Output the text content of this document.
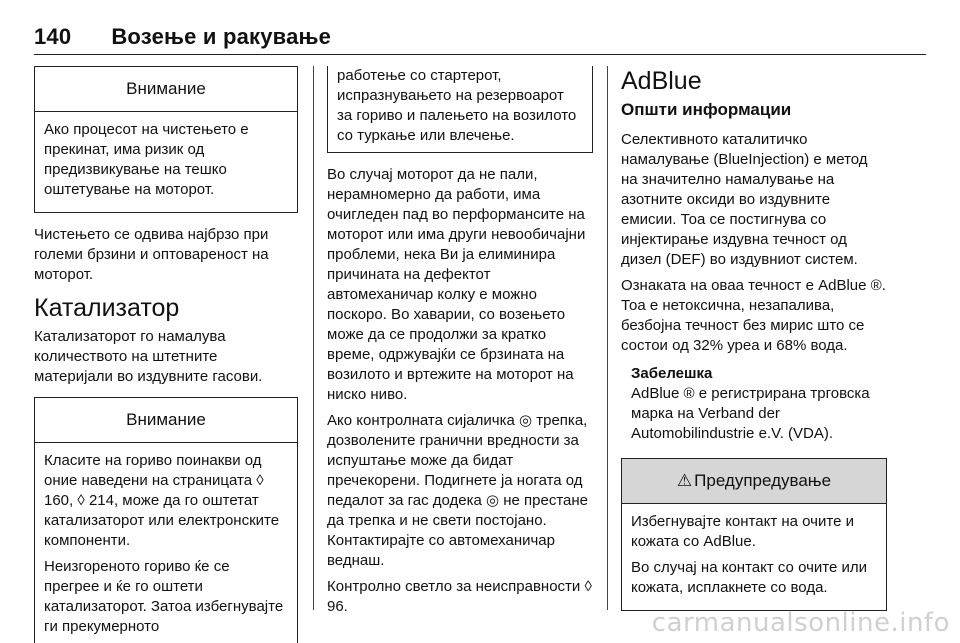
140 Возење и ракување
Внимание

Ако процесот на чистењето е прекинат, има ризик од предизвикување на тешко оштетување на моторот.

Чистењето се одвива најбрзо при големи брзини и оптовареност на моторот.

Катализатор

Катализаторот го намалува количеството на штетните материјали во издувните гасови.

Внимание

Класите на гориво поинакви од оние наведени на страницата ◊ 160, ◊ 214, може да го оштетат катализаторот или електронските компоненти.

Неизгореното гориво ќе се прегрее и ќе го оштети катализаторот. Затоа избегнувајте ги прекумерното

работење со стартерот, испразнувањето на резервоарот за гориво и палењето на возилото со туркање или влечење.

Во случај моторот да не пали, нерамномерно да работи, има очигледен пад во перформансите на моторот или има други невообичајни проблеми, нека Ви ја елиминира причината на дефектот автомеханичар колку е можно поскоро. Во хаварии, со возењето може да се продолжи за кратко време, одржувајќи се брзината на возилото и вртежите на моторот на ниско ниво.

Ако контролната сијаличка ◎ трепка, дозволените гранични вредности за испуштање може да бидат пречекорени. Подигнете ја ногата од педалот за гас додека ◎ не престане да трепка и не свети постојано. Контактирајте со автомеханичар веднаш.

Контролно светло за неисправности ◊ 96.

AdBlue
Општи информации

Селективното каталитичко намалување (BlueInjection) е метод на значително намалување на азотните оксиди во издувните емисии. Тоа се постигнува со инјектирање издувна течност од дизел (DEF) во издувниот систем.

Ознаката на оваа течност е AdBlue ®. Тоа е нетоксична, незапалива, безбојна течност без мирис што се состои од 32% уреа и 68% вода.

Забелешка

AdBlue ® е регистрирана трговска марка на Verband der Automobilindustrie e.V. (VDA).

⚠ Предупредување

Избегнувајте контакт на очите и кожата со AdBlue.

Во случај на контакт со очите или кожата, исплакнете со вода.

carmanualsonline.info
